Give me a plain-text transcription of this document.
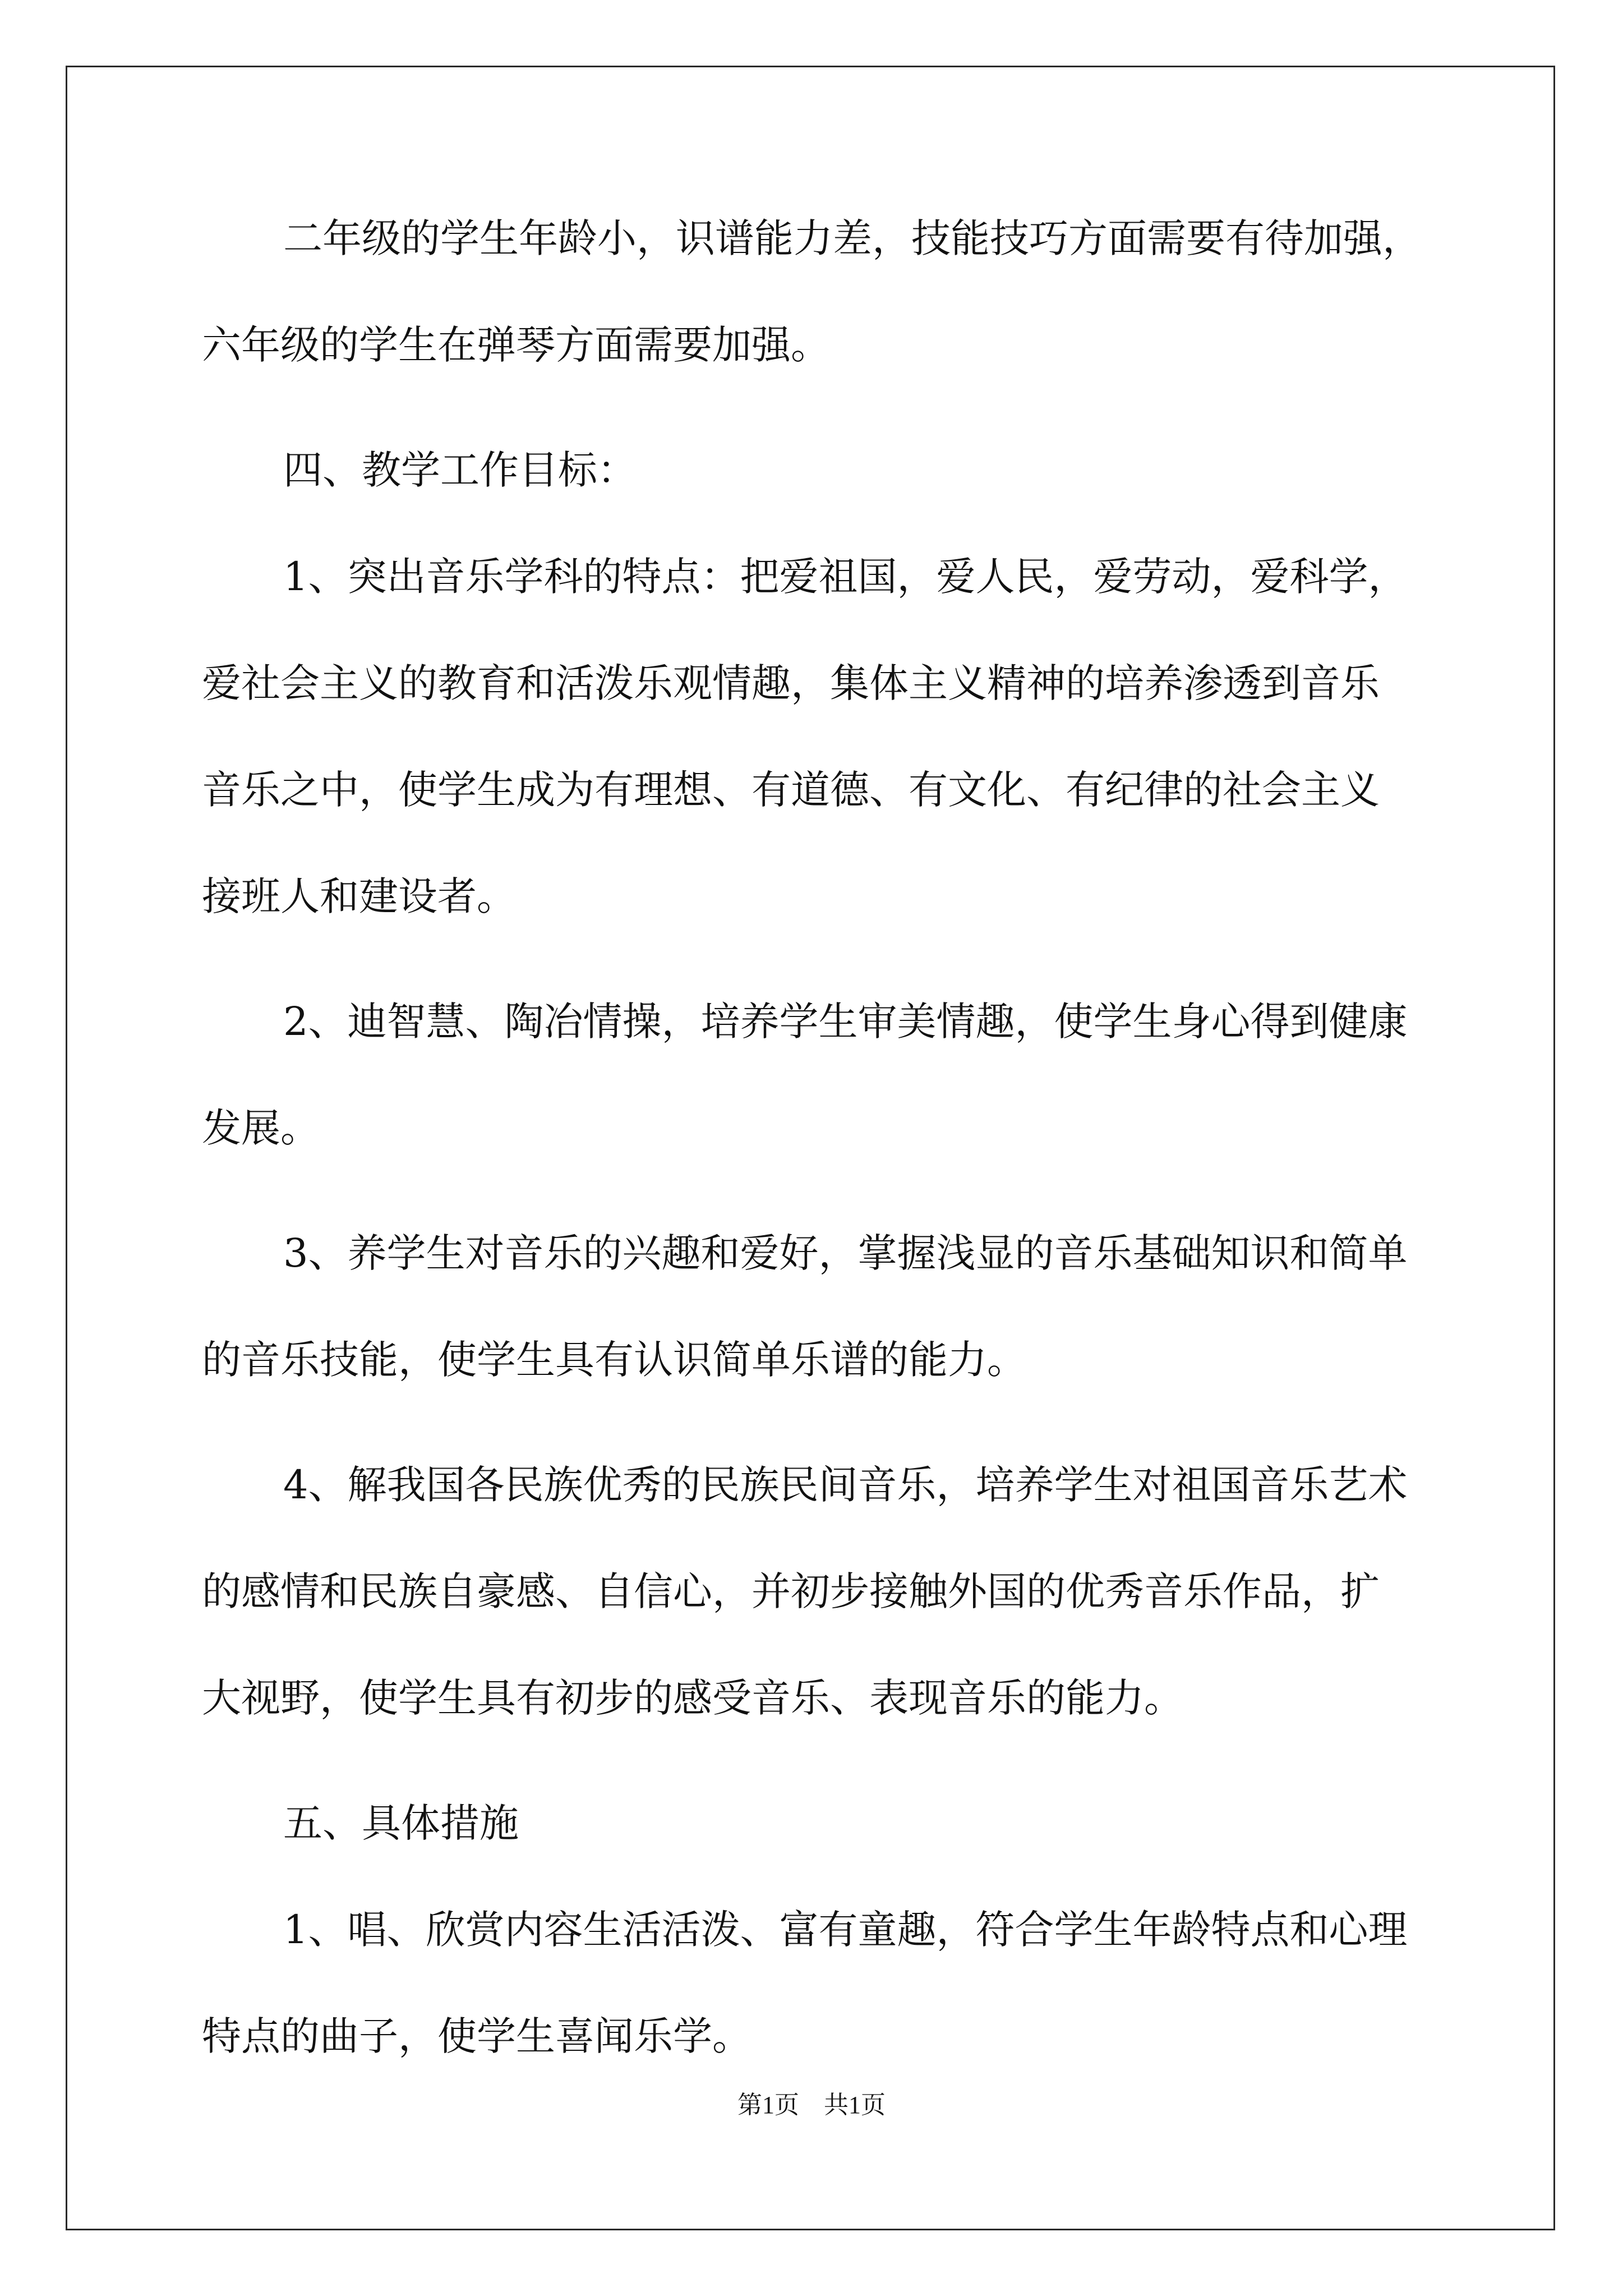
二年级的学生年龄小，识谱能力差，技能技巧方面需要有待加强，
六年级的学生在弹琴方面需要加强。
四、教学工作目标：
1、突出音乐学科的特点：把爱祖国，爱人民，爱劳动，爱科学，
爱社会主义的教育和活泼乐观情趣，集体主义精神的培养渗透到音乐
音乐之中，使学生成为有理想、有道德、有文化、有纪律的社会主义
接班人和建设者。
2、迪智慧、陶冶情操，培养学生审美情趣，使学生身心得到健康
发展。
3、养学生对音乐的兴趣和爱好，掌握浅显的音乐基础知识和简单
的音乐技能，使学生具有认识简单乐谱的能力。
4、解我国各民族优秀的民族民间音乐，培养学生对祖国音乐艺术
的感情和民族自豪感、自信心，并初步接触外国的优秀音乐作品，扩
大视野，使学生具有初步的感受音乐、表现音乐的能力。
五、具体措施
1、唱、欣赏内容生活活泼、富有童趣，符合学生年龄特点和心理
特点的曲子，使学生喜闻乐学。
第1页　共1页
